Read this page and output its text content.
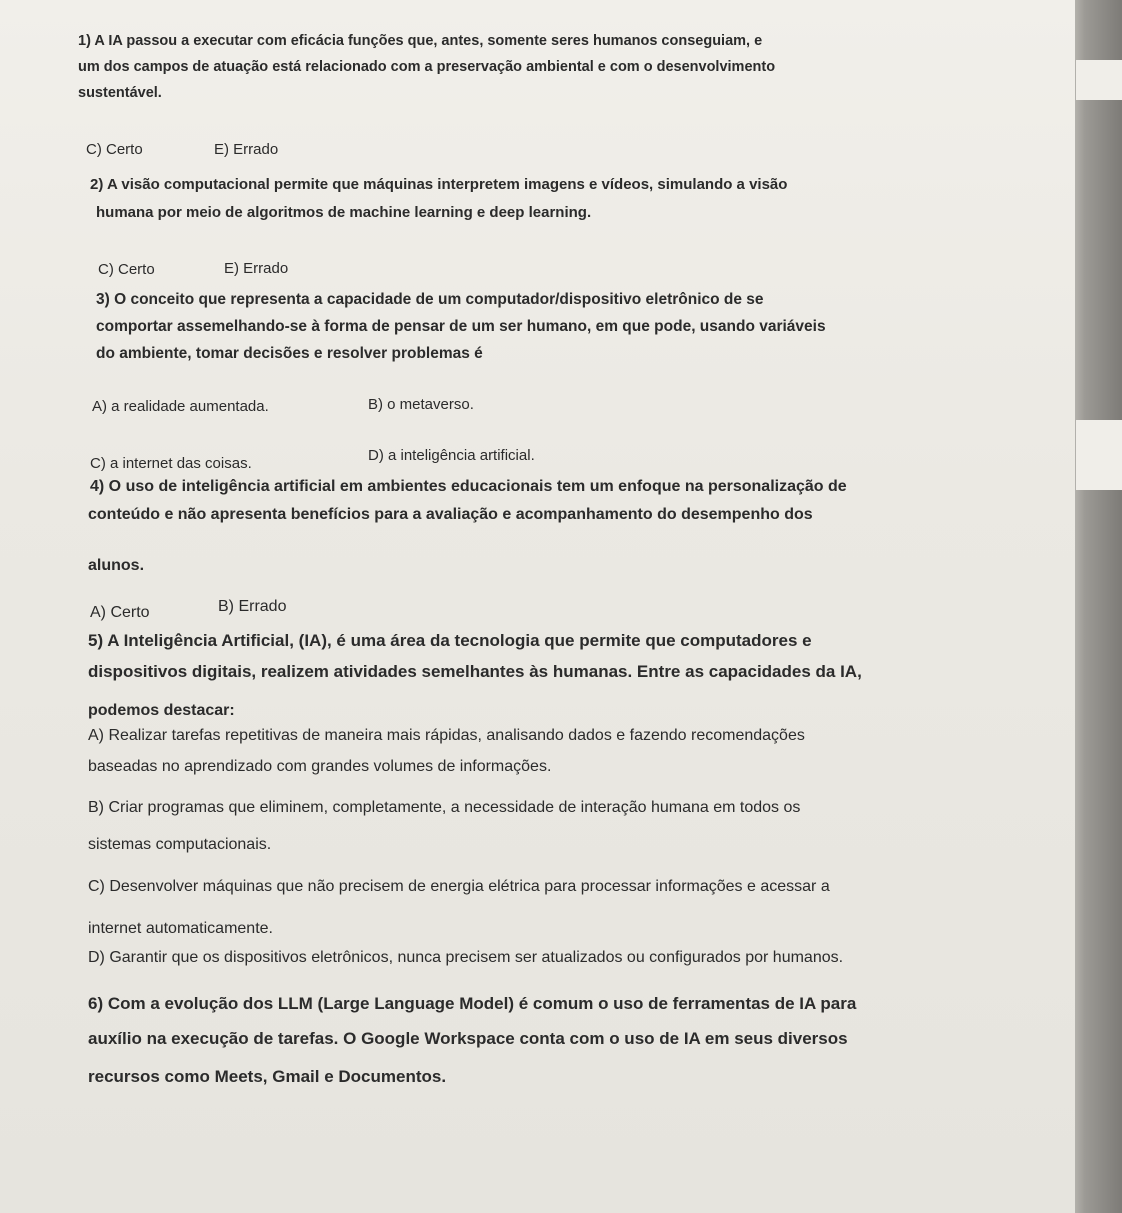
1) A IA passou a executar com eficácia funções que, antes, somente seres humanos conseguiam, e
um dos campos de atuação está relacionado com a preservação ambiental e com o desenvolvimento
sustentável.
C) Certo	E) Errado
2) A visão computacional permite que máquinas interpretem imagens e vídeos, simulando a visão
humana por meio de algoritmos de machine learning e deep learning.
C) Certo	E) Errado
3) O conceito que representa a capacidade de um computador/dispositivo eletrônico de se
comportar assemelhando-se à forma de pensar de um ser humano, em que pode, usando variáveis
do ambiente, tomar decisões e resolver problemas é
A) a realidade aumentada.	B) o metaverso.
C) a internet das coisas.	D) a inteligência artificial.
4) O uso de inteligência artificial em ambientes educacionais tem um enfoque na personalização de
conteúdo e não apresenta benefícios para a avaliação e acompanhamento do desempenho dos
alunos.
A) Certo	B) Errado
5) A Inteligência Artificial, (IA), é uma área da tecnologia que permite que computadores e
dispositivos digitais, realizem atividades semelhantes às humanas. Entre as capacidades da IA,
podemos destacar:
A) Realizar tarefas repetitivas de maneira mais rápidas, analisando dados e fazendo recomendações
baseadas no aprendizado com grandes volumes de informações.
B) Criar programas que eliminem, completamente, a necessidade de interação humana em todos os
sistemas computacionais.
C) Desenvolver máquinas que não precisem de energia elétrica para processar informações e acessar a
internet automaticamente.
D) Garantir que os dispositivos eletrônicos, nunca precisem ser atualizados ou configurados por humanos.
6) Com a evolução dos LLM (Large Language Model) é comum o uso de ferramentas de IA para
auxílio na execução de tarefas. O Google Workspace conta com o uso de IA em seus diversos
recursos como Meets, Gmail e Documentos.
